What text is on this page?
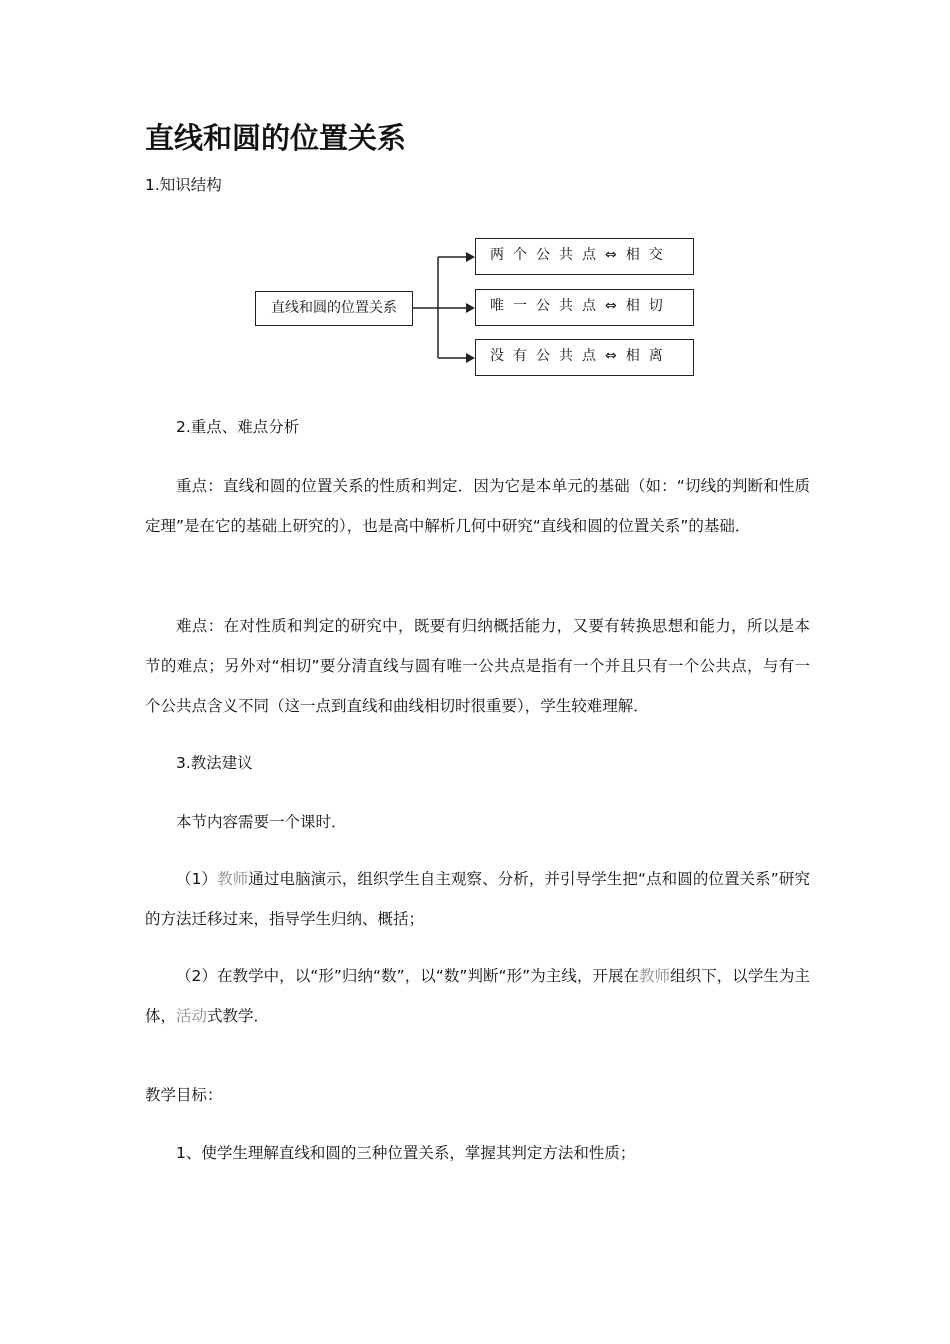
直线和圆的位置关系

1.知识结构

直线和圆的位置关系
两个公共点⇔相交
唯一公共点⇔相切
没有公共点⇔相离

2.重点、难点分析

重点：直线和圆的位置关系的性质和判定．因为它是本单元的基础（如：“切线的判断和性质定理”是在它的基础上研究的），也是高中解析几何中研究“直线和圆的位置关系”的基础．

难点：在对性质和判定的研究中，既要有归纳概括能力，又要有转换思想和能力，所以是本节的难点；另外对“相切”要分清直线与圆有唯一公共点是指有一个并且只有一个公共点，与有一个公共点含义不同（这一点到直线和曲线相切时很重要），学生较难理解．

3.教法建议

本节内容需要一个课时．

（1）教师通过电脑演示，组织学生自主观察、分析，并引导学生把“点和圆的位置关系”研究的方法迁移过来，指导学生归纳、概括；

（2）在教学中，以“形”归纳“数”，以“数”判断“形”为主线，开展在教师组织下，以学生为主体，活动式教学．

教学目标：

1、使学生理解直线和圆的三种位置关系，掌握其判定方法和性质；
